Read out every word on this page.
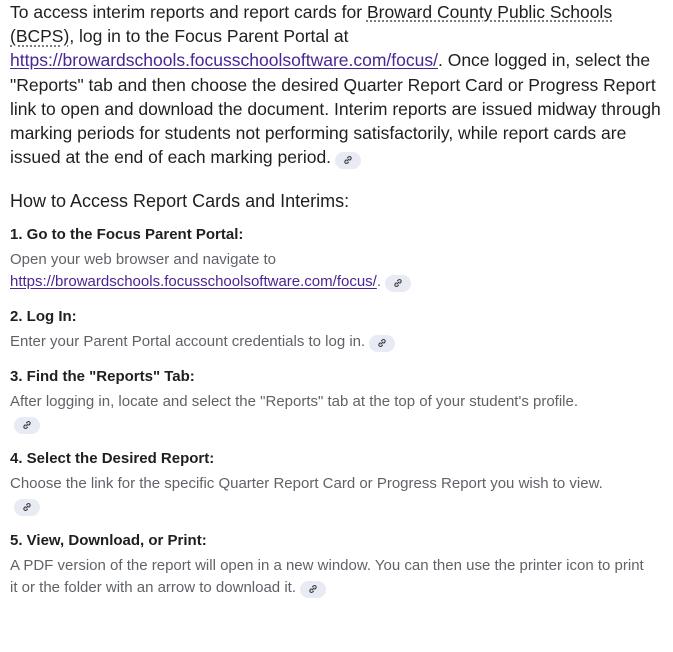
To access interim reports and report cards for Broward County Public Schools (BCPS), log in to the Focus Parent Portal at https://browardschools.focusschoolsoftware.com/focus/. Once logged in, select the "Reports" tab and then choose the desired Quarter Report Card or Progress Report link to open and download the document. Interim reports are issued midway through marking periods for students not performing satisfactorily, while report cards are issued at the end of each marking period.

How to Access Report Cards and Interims:

1. Go to the Focus Parent Portal:

Open your web browser and navigate to
https://browardschools.focusschoolsoftware.com/focus/.

2. Log In:

Enter your Parent Portal account credentials to log in.

3. Find the "Reports" Tab:

After logging in, locate and select the "Reports" tab at the top of your student's profile.

4. Select the Desired Report:

Choose the link for the specific Quarter Report Card or Progress Report you wish to view.

5. View, Download, or Print:

A PDF version of the report will open in a new window. You can then use the printer icon to print it or the folder with an arrow to download it.
